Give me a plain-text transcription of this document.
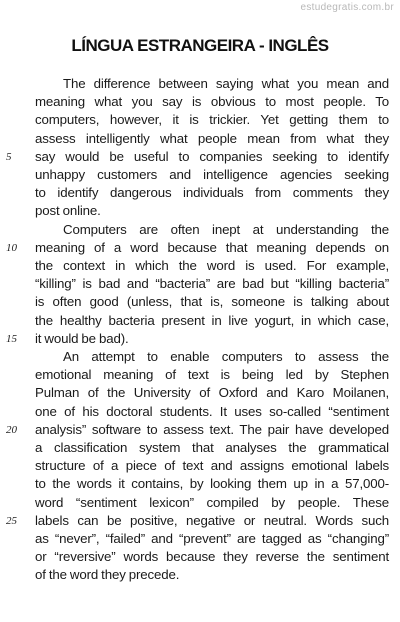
estudegratis.com.br
LÍNGUA ESTRANGEIRA - INGLÊS
The difference between saying what you mean and
meaning what you say is obvious to most people. To
computers, however, it is trickier. Yet getting them to
assess intelligently what people mean from what they
say would be useful to companies seeking to identify
5
unhappy customers and intelligence agencies seeking
to identify dangerous individuals from comments they
post online.
Computers are often inept at understanding the
meaning of a word because that meaning depends on
10
the context in which the word is used. For example,
“killing” is bad and “bacteria” are bad but “killing bacteria”
is often good (unless, that is, someone is talking about
the healthy bacteria present in live yogurt, in which case,
it would be bad).
15
An attempt to enable computers to assess the
emotional meaning of text is being led by Stephen
Pulman of the University of Oxford and Karo Moilanen,
one of his doctoral students. It uses so-called “sentiment
analysis” software to assess text. The pair have developed
20
a classification system that analyses the grammatical
structure of a piece of text and assigns emotional labels
to the words it contains, by looking them up in a 57,000-
word “sentiment lexicon” compiled by people. These
labels can be positive, negative or neutral. Words such
25
as “never”, “failed” and “prevent” are tagged as “changing”
or “reversive” words because they reverse the sentiment
of the word they precede.
